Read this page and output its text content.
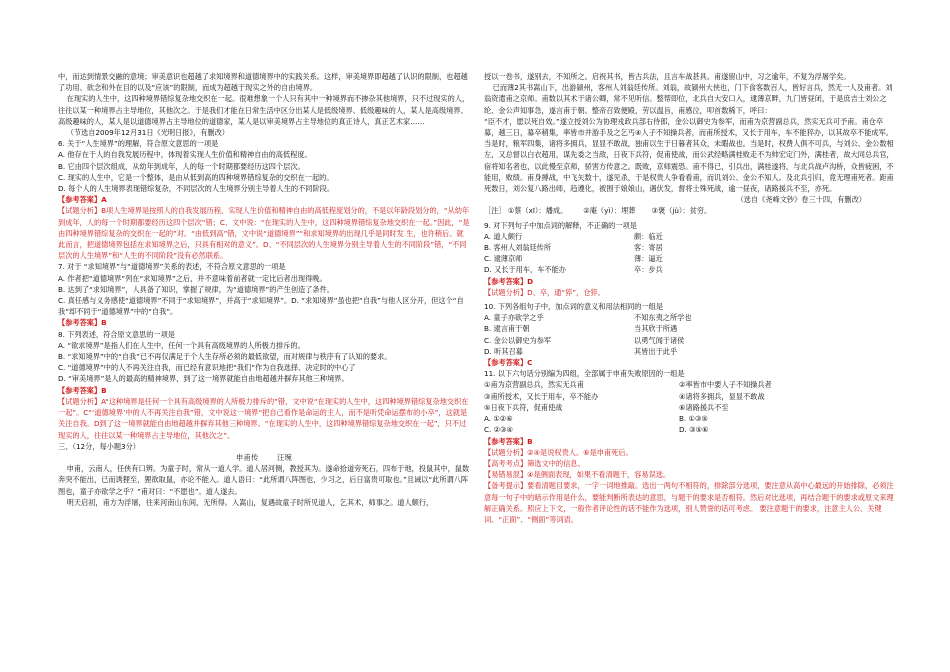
中，而达到情景交融的意境；审美意识也超越了求知境界和道德境界中的实践关系。这样，审美境界即超越了认识的限制，也超越了功用、欲念和外在目的以及“应该”的限制，而成为超越于现实之外的自由境界。

在现实的人生中，这四种境界错综复杂地交织在一起。很难想象一个人只有其中一种境界而不掺杂其他境界，只不过现实的人，往往以某一种境界占主导地位，其他次之。于是我们才能在日常生活中区分出某人是低级境界、低级趣味的人，某人是高级境界、高级趣味的人，某人是以道德境界占主导地位的道德家，某人是以审美境界占主导地位的真正诗人，真正艺术家……

（节选自2009年12月31日《光明日报》，有删改）

6. 关于“人生境界”的理解，符合原文意思的一项是

A. 他存在于人的自我发展历程中，体现着实现人生价值和精神自由的高低程度。

B. 它由四个层次组成，从幼年到成年，人的每一个时期都要经历这四个层次。

C. 现实的人生中，它是一个整体，是由从低到高的四种境界错综复杂的交织在一起的。

D. 每个人的人生境界表现错综复杂，不同层次的人生境界分别主导着人生的不同阶段。

【参考答案】A

【试题分析】B项人生境界是按照人的自我发展历程、实现人生价值和精神自由的高低程度划分的，不是以年龄段划分的，“从幼年到成年，人的每一个时期都要经历这四个层次”错；C、文中说：“在现实的人生中，这四种境界错综复杂地交织在一起。”因此，“是由四种境界错综复杂的交织在一起的”对。“由低到高”错，文中说“道德境界”“和求知境界的出现几乎是同时发 生，也许稍后。就此而言，把道德境界包括在求知境界之后，只具有相对的意义”。D、“不同层次的人生境界分别主导着人生的不同阶段”错，“不同层次的人生境界”和“人生的不同阶段”没有必然联系。

7. 对于 “求知境界”与“道德境界”关系的表述，不符合原文意思的一项是

A. 作者把“道德境界”列在“求知境界”之后，并不意味着前者就一定比后者出现得晚。

B. 达到了“求知境界”，人具备了知识，掌握了规律，为“道德境界”的产生创造了条件。

C. 真任感与义务感使“道德境界”不同于“求知境界”，并高于“求知境界”。D. “求知境界”虽也把“自我”与他人区分开，但这个“自我”却不同于“道德境界”中的“自我”。

【参考答案】B

8. 下列表述，符合原文意思的一项是

A. “欲求境界”是指人们在人生中，任何一个具有高级境界的人所极力排斥的。

B. “求知境界”中的“自我”已不再仅满足于个人生存所必须的最低欲望，而对规律与秩序有了认知的要求。

C. “道德境界”中的人不再关注自我，而已经有意识地把“我们”作为自我选择、决定时的中心了

D. “审美境界”是人的最高的精神境界，到了这一境界就能自由地超越并摒弃其他三种境界。

【参考答案】B

【试题分析】A“这种境界是任何一个具有高级境界的人所极力排斥的”错，文中说“在现实的人生中，这四种境界错综复杂地交织在一起”。C“‘道德境界’中的人不再关注自我”错，文中说这一境界“把自己看作是命运的主人，而不是听凭命运摆布的小卒”，这就是关注自我。D到了这一境界就能自由地超越并摒弃其他三种境界。“在现实的人生中，这四种境界错综复杂地交织在一起”，只不过现实的人，往往以某一种境界占主导地位，其他次之”。

三、（12分，每小题3分）

申甫传	汪琬

申甫，云南人，任侠有口辨。为童子时，常从一道人学。道人居河侧，教授其为。遂命拾道旁死石，四布于地，投鼠其中，鼠数奔突不能出，已而诱狸至，狸欲取鼠，亦论不能入。道人语曰：“此所谓八阵图也，少习之，后日富贵可取也。”且诫以“此所谓八阵图也，童子亦欲学之乎？”甫对曰：“不愿也”。道人遂去。

明天启初，甫方为浮屠，往来河南山东间，无所得。入嵩山，复遇故童子时所见道人，乞其术，师事之。道人颇行，

授以一卷书，遂别去，不知所之。启祝其书，皆古兵法，且言车战甚具。甫遂留山中，习之逾年，不复为浮屠学矣。

已而薄2其书嵩山下，出游颍州，客州人刘翁廷传所。刘翁，故颍州大侠也，门下食客数百人，皆好言兵，然无一人及甫者。刘翁资遣甫之京师。甫数以其术干诸公卿，常不见听信。整帮即位，北兵自大安口入，逮薄京畔，九门皆昼闭，于是庶吉士刘公之纶、金公声知事急，遂言甫于朝。整帝召致便殿，劳以温旨，甫感泣，叩首数稀下，呼曰：

“臣不才，愿以死自效。”遂立授刘公为协理戎政兵部右侍郎，金公以御史为参军，而甫为京营副总兵，然实无兵可予甫。甫仓卒募，越三日，募卒稍集，率皆市井游手及之乞丐④人子不知操兵者，而甫所授术，又长于用车，车不能猝办，以其故卒不能成军。当是时，粮军四集，诸将多拥兵，显显不敢战，独甫以生于日暮者其众，未暇战也。当是时，权费人俱不可兵，与刘公、金公数相左，又总督以白衣超用，谋先委之当敌，日夜下兵符，促甫使战，而公武经略满桂败走不为帅宏定门外，满桂者，故大同总兵官，宿将知名者也，以此慢至京师，骄害方传意之。既败，京师震恐。甫不得已，引兵出，满桂遂将，与北兵战卢沟桥，众皆疲困，不能用，败绩。甫身搏战，中飞矢数十，遂见杀，于是权贵人争看看甫，而讥刘公、金公不知人。及北兵引归，竟无理甫死者。距甫死数日，刘公复八路出师，趋遵化，被围于娘娘山，遇伏发，督将士殊死战，逾一昼夜，诸路援兵不至，亦死。

（选自《尧峰文钞》卷三十四，有删改）

［注］ ①蔡（xī）：燔成。 ②庵（yì）：埋葬 ③褒（jù）：贫穷。

9. 对下列句子中加点词的解释，不正确的一项是

A. 道人颇行	颇：临近
B. 客州人刘翁廷传所	客：寄居
C. 逮薄京师	薄：逼近
D. 又长于用车，车不能办	卒：步兵

【参考答案】D

【试题分析】D、卒，通“猝”，仓猝。

10. 下列各组句子中，加点词的意义和用法相同的一组是

A. 童子亦欲学之乎	不知东夷之所学也
B. 逮言甫于朝	当其欣于所遇
C. 金公以御史为参军	以勇气闻于诸侯
D. 听其召募	其皆出于此乎

【参考答案】C

11. 以下六句话分别编为四组，全部属于申甫失败原因的一组是

①甫为京营副总兵，然实无兵甫	②率皆市中要人子不知操兵者
③甫所授术，又长于用车，卒不能办	④诸将多拥兵，显显不敢战
⑤日夜下兵符，促甫使战	⑥诸路援兵不至
A. ①②⑥	B. ①③⑤
C. ②③④	D. ③⑤⑥

【参考答案】B

【试题分析】②④是说权贵人。⑥是申甫死后。

【高考考点】筛选文中的信息。

【易错易混】④是侧面表现，如果不看清题干，容易误选。

【备考提示】要看清题目要求，一字一词地推敲。选出一两句不相符的，排除部分选项，要注意从高中心最远的开始排除，必须注意每一句子中的暗示作用是什么，要能判断所表达的意思，与题干的要求是否相符。然后对比选项，再结合题干的要求或原文来理解正确关系。照应上下文，一般作者评论性的话不能作为选项，别人赞誉的话可考虑。 要注意题干的要求，注意主人公、关键词、“正面”、“侧面”等词语。
